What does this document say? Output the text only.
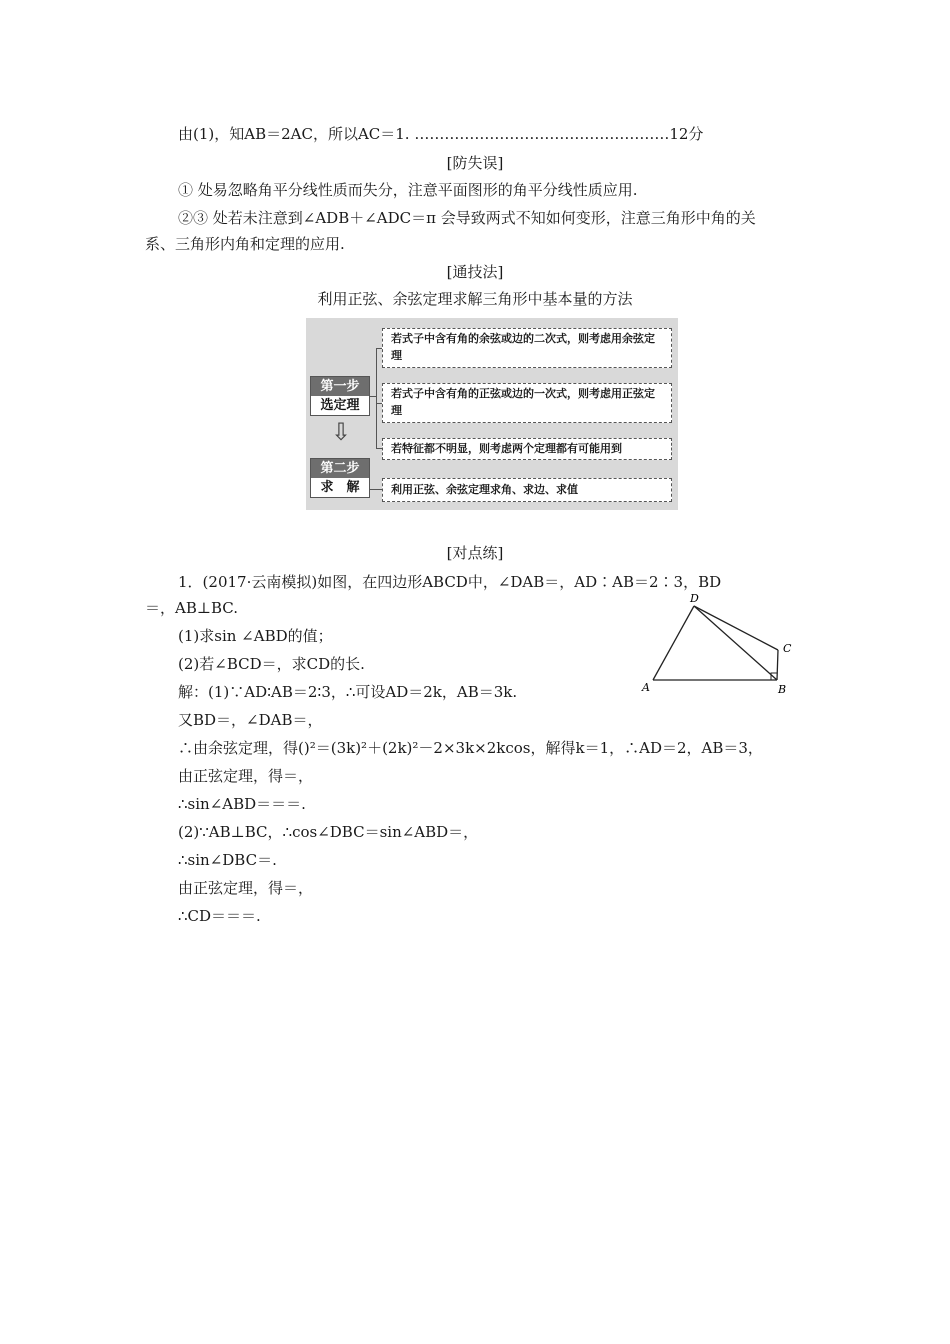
由(1)，知AB＝2AC，所以AC＝1. ……………………………………………12分
[防失误]
① 处易忽略角平分线性质而失分，注意平面图形的角平分线性质应用.
②③ 处若未注意到∠ADB＋∠ADC＝π 会导致两式不知如何变形，注意三角形中角的关
系、三角形内角和定理的应用.
[通技法]
利用正弦、余弦定理求解三角形中基本量的方法
第一步
选定理
⇩
第二步
求　解
若式子中含有角的余弦或边的二次式，则考虑用余弦定理
若式子中含有角的正弦或边的一次式，则考虑用正弦定理
若特征都不明显，则考虑两个定理都有可能用到
利用正弦、余弦定理求角、求边、求值
[对点练]
1．(2017·云南模拟)如图，在四边形ABCD中，∠DAB＝，AD∶AB＝2∶3，BD
＝，AB⊥BC.
(1)求sin ∠ABD的值；
(2)若∠BCD＝，求CD的长.
解：(1)∵AD∶AB＝2∶3，∴可设AD＝2k，AB＝3k.
又BD＝，∠DAB＝，
∴由余弦定理，得()²＝(3k)²＋(2k)²－2×3k×2kcos，解得k＝1，∴AD＝2，AB＝3，
由正弦定理，得＝，
∴sin∠ABD＝＝＝.
(2)∵AB⊥BC，∴cos∠DBC＝sin∠ABD＝，
∴sin∠DBC＝.
由正弦定理，得＝，
∴CD＝＝＝.
A	B
C
D
